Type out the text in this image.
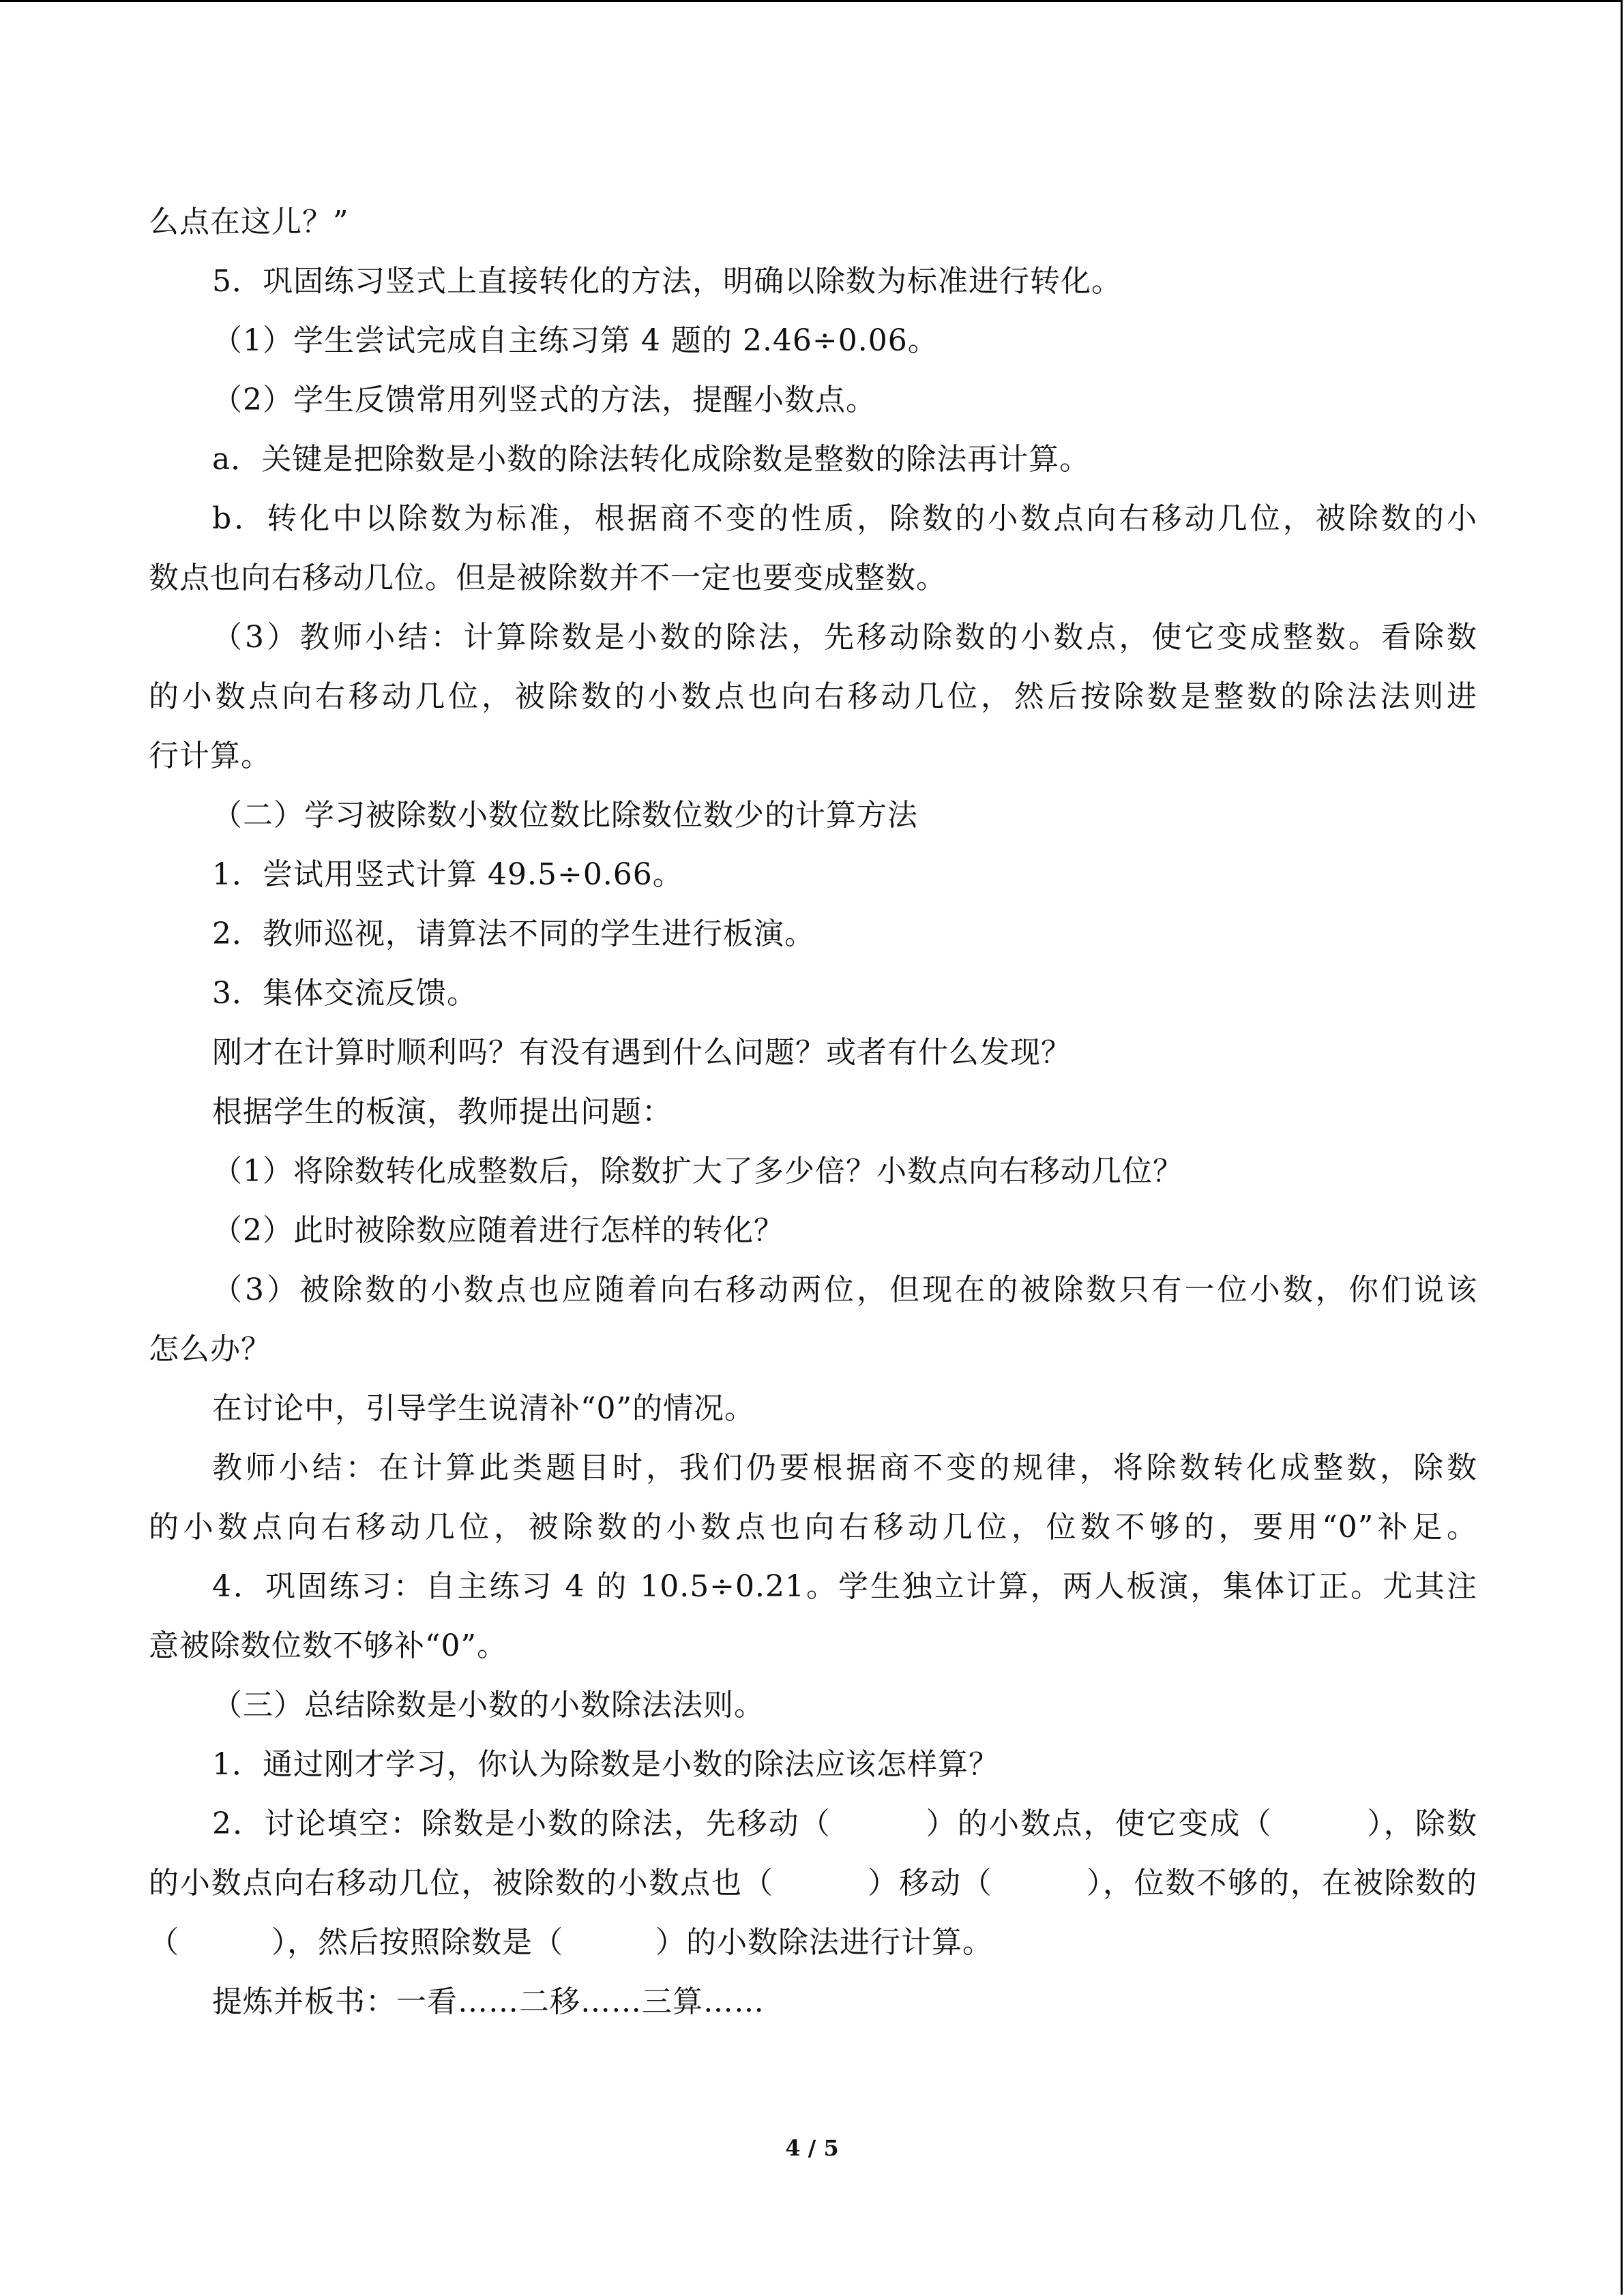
么点在这儿？”
5．巩固练习竖式上直接转化的方法，明确以除数为标准进行转化。
（1）学生尝试完成自主练习第 4 题的 2.46÷0.06。
（2）学生反馈常用列竖式的方法，提醒小数点。
a．关键是把除数是小数的除法转化成除数是整数的除法再计算。
b．转化中以除数为标准，根据商不变的性质，除数的小数点向右移动几位，被除数的小
数点也向右移动几位。但是被除数并不一定也要变成整数。
（3）教师小结：计算除数是小数的除法，先移动除数的小数点，使它变成整数。看除数
的小数点向右移动几位，被除数的小数点也向右移动几位，然后按除数是整数的除法法则进
行计算。
（二）学习被除数小数位数比除数位数少的计算方法
1．尝试用竖式计算 49.5÷0.66。
2．教师巡视，请算法不同的学生进行板演。
3．集体交流反馈。
刚才在计算时顺利吗？有没有遇到什么问题？或者有什么发现？
根据学生的板演，教师提出问题：
（1）将除数转化成整数后，除数扩大了多少倍？小数点向右移动几位？
（2）此时被除数应随着进行怎样的转化？
（3）被除数的小数点也应随着向右移动两位，但现在的被除数只有一位小数，你们说该
怎么办？
在讨论中，引导学生说清补“0”的情况。
教师小结：在计算此类题目时，我们仍要根据商不变的规律，将除数转化成整数，除数
的小数点向右移动几位，被除数的小数点也向右移动几位，位数不够的，要用“0”补足。
4．巩固练习：自主练习 4 的 10.5÷0.21。学生独立计算，两人板演，集体订正。尤其注
意被除数位数不够补“0”。
（三）总结除数是小数的小数除法法则。
1．通过刚才学习，你认为除数是小数的除法应该怎样算？
2．讨论填空：除数是小数的除法，先移动（　　　）的小数点，使它变成（　　　），除数
的小数点向右移动几位，被除数的小数点也（　　　）移动（　　　），位数不够的，在被除数的
（　　　），然后按照除数是（　　　）的小数除法进行计算。
提炼并板书：一看……二移……三算……
4 / 5
